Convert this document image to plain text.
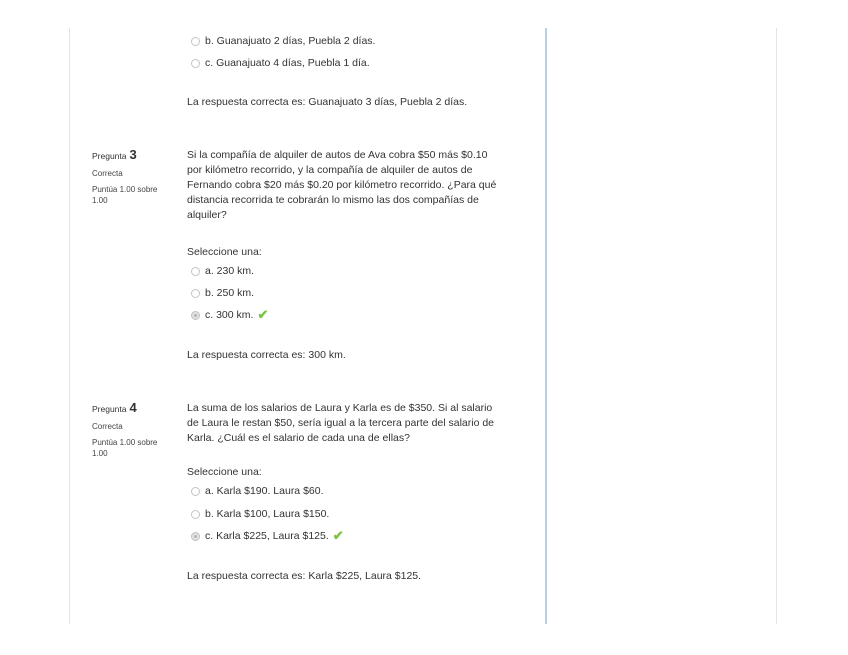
b. Guanajuato 2 días, Puebla 2 días.
c. Guanajuato 4 días, Puebla 1 día.
La respuesta correcta es: Guanajuato 3 días, Puebla 2 días.
Pregunta 3
Correcta
Puntúa 1.00 sobre 1.00
Si la compañía de alquiler de autos de Ava cobra $50 más $0.10
por kilómetro recorrido, y la compañía de alquiler de autos de
Fernando cobra $20 más $0.20 por kilómetro recorrido. ¿Para qué
distancia recorrida te cobrarán lo mismo las dos compañías de
alquiler?
Seleccione una:
a. 230 km.
b. 250 km.
c. 300 km. ✔
La respuesta correcta es: 300 km.
Pregunta 4
Correcta
Puntúa 1.00 sobre 1.00
La suma de los salarios de Laura y Karla es de $350. Si al salario
de Laura le restan $50, sería igual a la tercera parte del salario de
Karla. ¿Cuál es el salario de cada una de ellas?
Seleccione una:
a. Karla $190. Laura $60.
b. Karla $100, Laura $150.
c. Karla $225, Laura $125. ✔
La respuesta correcta es: Karla $225, Laura $125.
